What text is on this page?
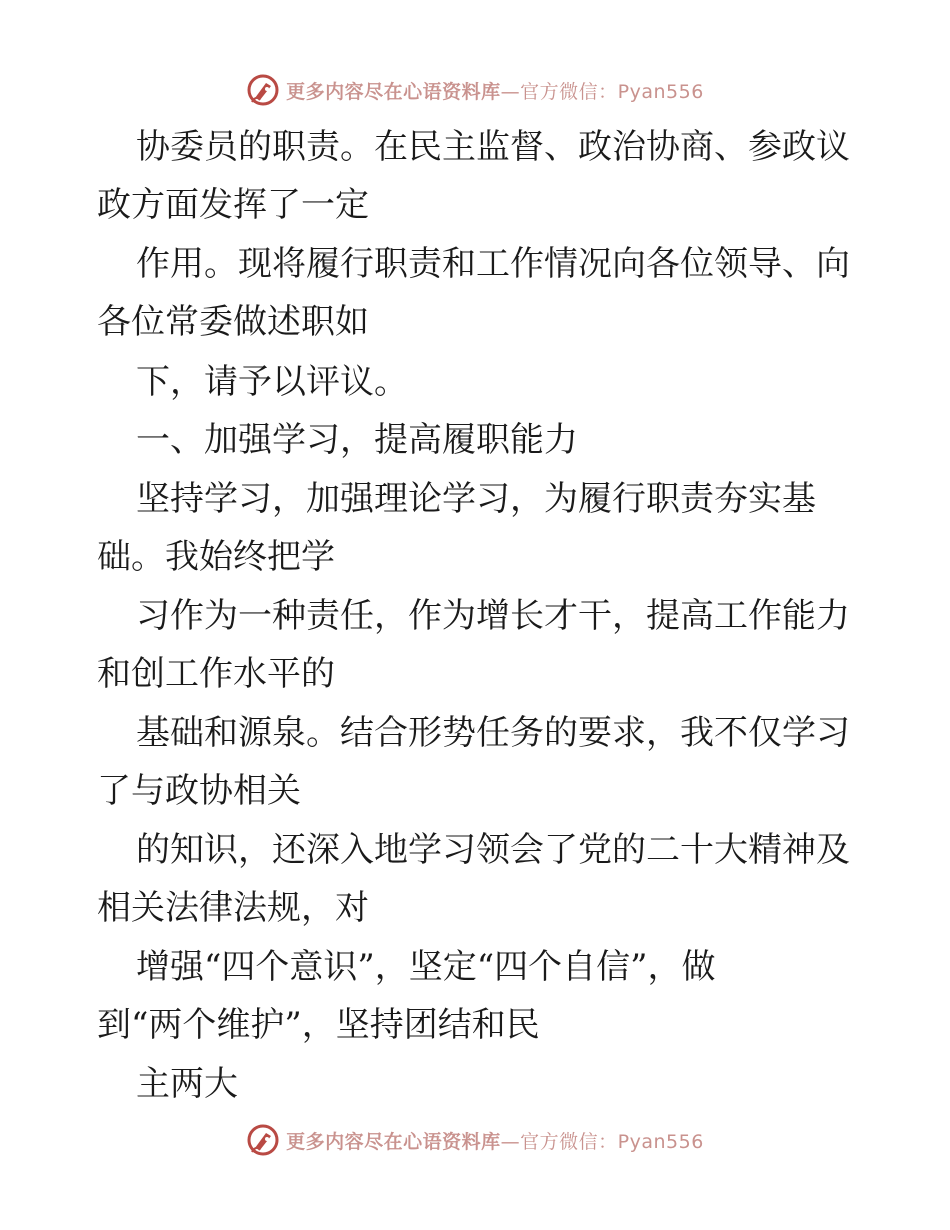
更多内容尽在心语资料库—官方微信：Pyan556
协委员的职责。在民主监督、政治协商、参政议
政方面发挥了一定
作用。现将履行职责和工作情况向各位领导、向
各位常委做述职如
下，请予以评议。
一、加强学习，提高履职能力
坚持学习，加强理论学习，为履行职责夯实基
础。我始终把学
习作为一种责任，作为增长才干，提高工作能力
和创工作水平的
基础和源泉。结合形势任务的要求，我不仅学习
了与政协相关
的知识，还深入地学习领会了党的二十大精神及
相关法律法规，对
增强“四个意识”，坚定“四个自信”，做
到“两个维护”，坚持团结和民
主两大
更多内容尽在心语资料库—官方微信：Pyan556
